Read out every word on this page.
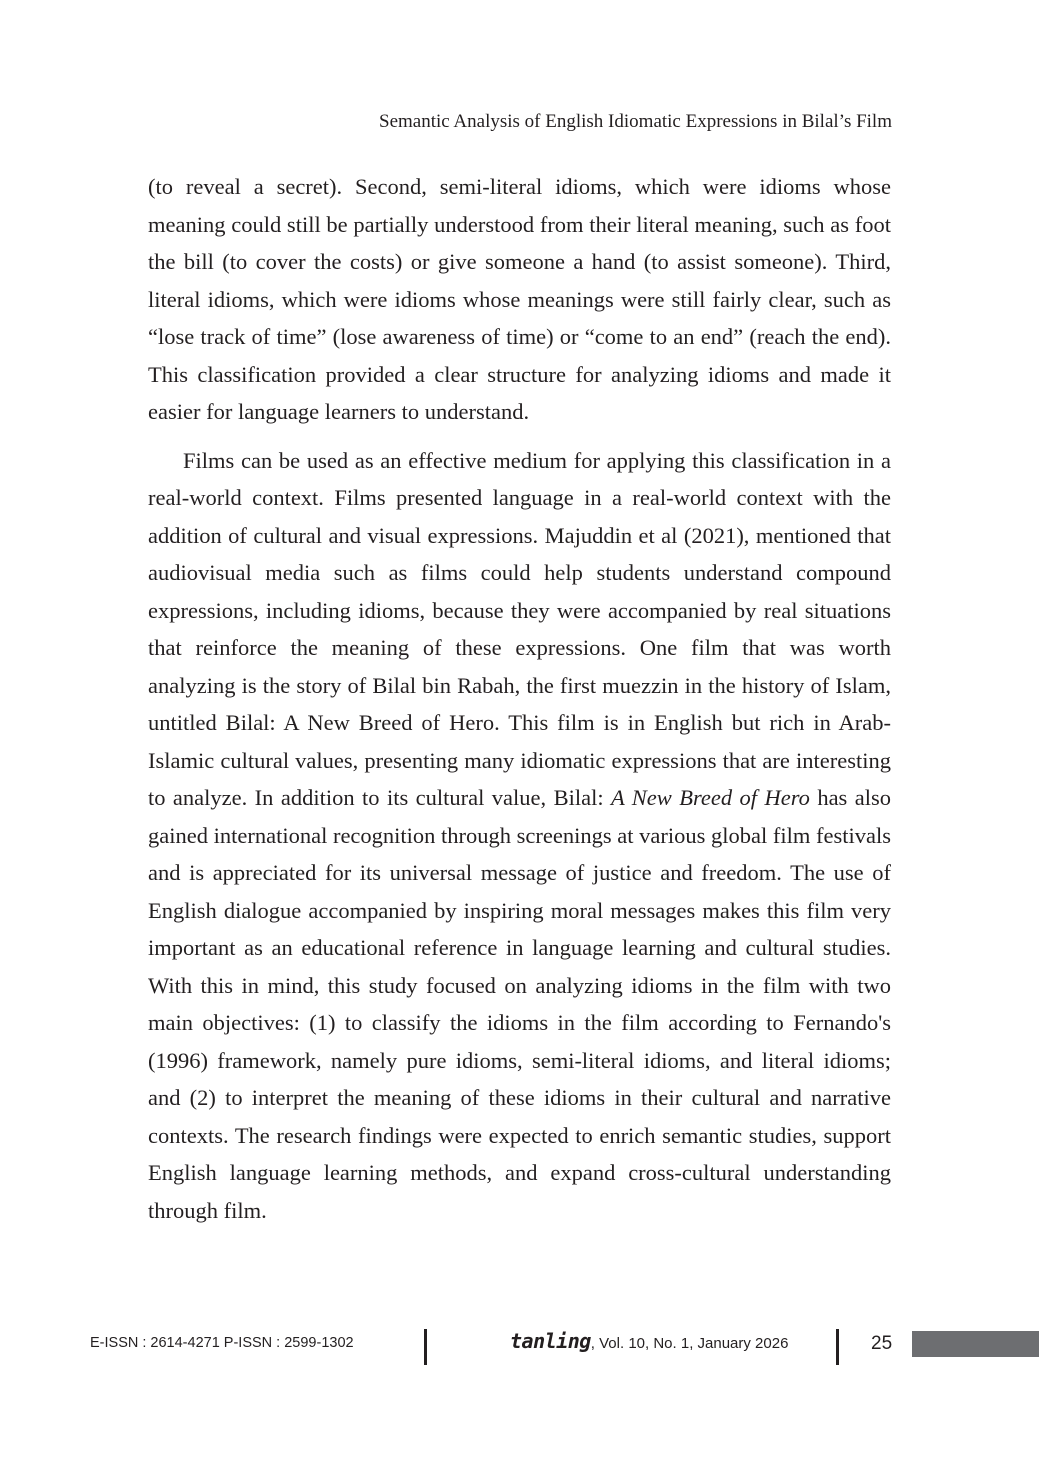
Semantic Analysis of English Idiomatic Expressions in Bilal’s Film

(to reveal a secret). Second, semi-literal idioms, which were idioms whose meaning could still be partially understood from their literal meaning, such as foot the bill (to cover the costs) or give someone a hand (to assist someone). Third, literal idioms, which were idioms whose meanings were still fairly clear, such as “lose track of time” (lose awareness of time) or “come to an end” (reach the end). This classification provided a clear structure for analyzing idioms and made it easier for language learners to understand.

Films can be used as an effective medium for applying this classification in a real-world context. Films presented language in a real-world context with the addition of cultural and visual expressions. Majuddin et al (2021), mentioned that audiovisual media such as films could help students understand compound expressions, including idioms, because they were accompanied by real situations that reinforce the meaning of these expressions. One film that was worth analyzing is the story of Bilal bin Rabah, the first muezzin in the history of Islam, untitled Bilal: A New Breed of Hero. This film is in English but rich in Arab-Islamic cultural values, presenting many idiomatic expressions that are interesting to analyze. In addition to its cultural value, Bilal: A New Breed of Hero has also gained international recognition through screenings at various global film festivals and is appreciated for its universal message of justice and freedom. The use of English dialogue accompanied by inspiring moral messages makes this film very important as an educational reference in language learning and cultural studies. With this in mind, this study focused on analyzing idioms in the film with two main objectives: (1) to classify the idioms in the film according to Fernando's (1996) framework, namely pure idioms, semi-literal idioms, and literal idioms; and (2) to interpret the meaning of these idioms in their cultural and narrative contexts. The research findings were expected to enrich semantic studies, support English language learning methods, and expand cross-cultural understanding through film.

E-ISSN : 2614-4271 P-ISSN : 2599-1302	tanling, Vol. 10, No. 1, January 2026	25
